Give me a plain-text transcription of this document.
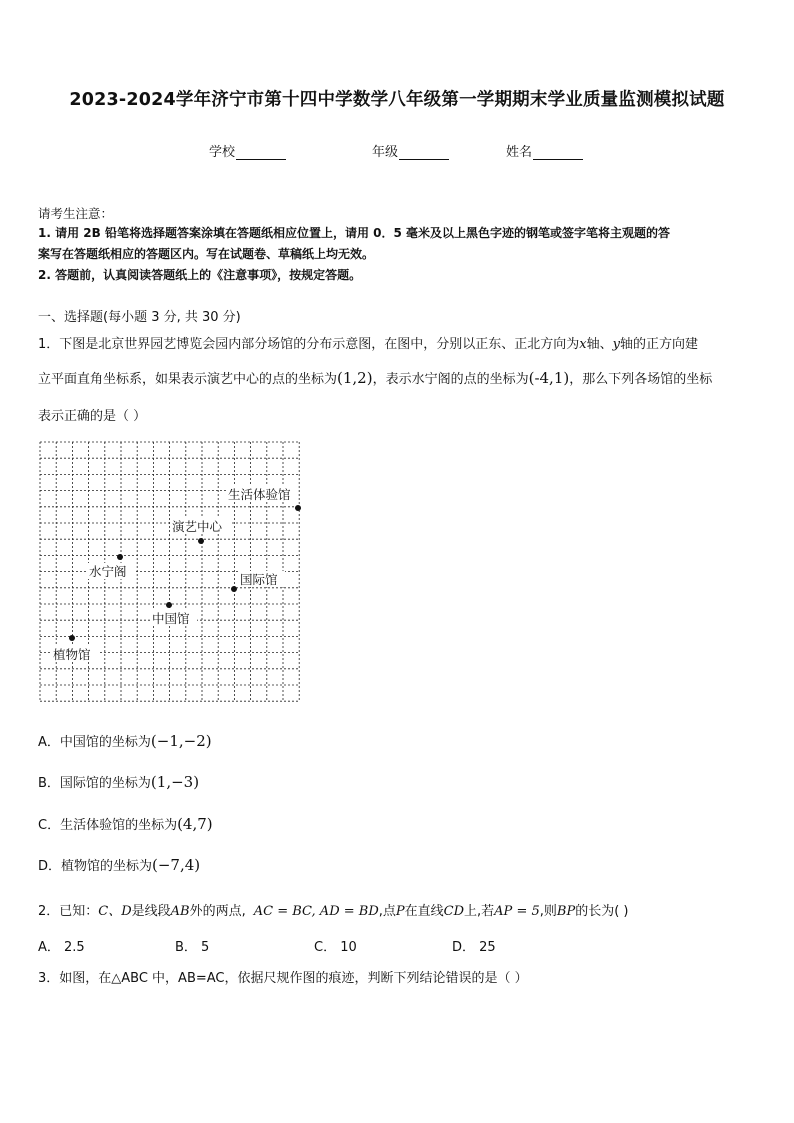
2023-2024学年济宁市第十四中学数学八年级第一学期期末学业质量监测模拟试题
学校	年级	姓名
请考生注意：
1. 请用 2B 铅笔将选择题答案涂填在答题纸相应位置上，请用 0．5 毫米及以上黑色字迹的钢笔或签字笔将主观题的答
案写在答题纸相应的答题区内。写在试题卷、草稿纸上均无效。
2. 答题前，认真阅读答题纸上的《注意事项》，按规定答题。
一、选择题(每小题 3 分, 共 30 分)
1．下图是北京世界园艺博览会园内部分场馆的分布示意图，在图中，分别以正东、正北方向为x轴、y轴的正方向建
立平面直角坐标系，如果表示演艺中心的点的坐标为(1,2)，表示水宁阁的点的坐标为(-4,1)，那么下列各场馆的坐标
表示正确的是（ ）
生活体验馆
演艺中心
水宁阁
国际馆
中国馆
植物馆
A．中国馆的坐标为(−1,−2)
B．国际馆的坐标为(1,−3)
C．生活体验馆的坐标为(4,7)
D．植物馆的坐标为(−7,4)
2．已知：C、D是线段AB外的两点, AC = BC, AD = BD,点P在直线CD上,若AP = 5,则BP的长为( )
A． 2.5	B． 5	C． 10	D． 25
3．如图，在△ABC 中，AB=AC，依据尺规作图的痕迹，判断下列结论错误的是（ ）
